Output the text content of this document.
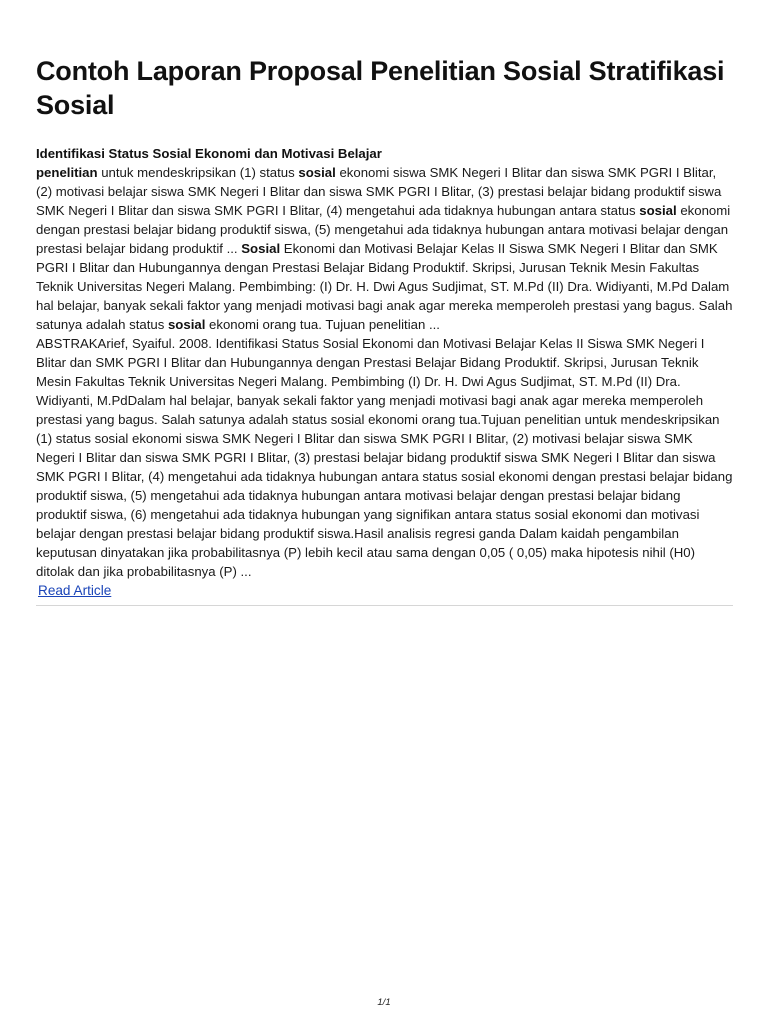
Contoh Laporan Proposal Penelitian Sosial Stratifikasi Sosial
Identifikasi Status Sosial Ekonomi dan Motivasi Belajar

penelitian untuk mendeskripsikan (1) status sosial ekonomi siswa SMK Negeri I Blitar dan siswa SMK PGRI I Blitar, (2) motivasi belajar siswa SMK Negeri I Blitar dan siswa SMK PGRI I Blitar, (3) prestasi belajar bidang produktif siswa SMK Negeri I Blitar dan siswa SMK PGRI I Blitar, (4) mengetahui ada tidaknya hubungan antara status sosial ekonomi dengan prestasi belajar bidang produktif siswa, (5) mengetahui ada tidaknya hubungan antara motivasi belajar dengan prestasi belajar bidang produktif ... Sosial Ekonomi dan Motivasi Belajar Kelas II Siswa SMK Negeri I Blitar dan SMK PGRI I Blitar dan Hubungannya dengan Prestasi Belajar Bidang Produktif. Skripsi, Jurusan Teknik Mesin Fakultas Teknik Universitas Negeri Malang. Pembimbing: (I) Dr. H. Dwi Agus Sudjimat, ST. M.Pd (II) Dra. Widiyanti, M.Pd Dalam hal belajar, banyak sekali faktor yang menjadi motivasi bagi anak agar mereka memperoleh prestasi yang bagus. Salah satunya adalah status sosial ekonomi orang tua. Tujuan penelitian ...

ABSTRAKArief, Syaiful. 2008. Identifikasi Status Sosial Ekonomi dan Motivasi Belajar Kelas II Siswa SMK Negeri I Blitar dan SMK PGRI I Blitar dan Hubungannya dengan Prestasi Belajar Bidang Produktif. Skripsi, Jurusan Teknik Mesin Fakultas Teknik Universitas Negeri Malang. Pembimbing (I) Dr. H. Dwi Agus Sudjimat, ST. M.Pd (II) Dra. Widiyanti, M.PdDalam hal belajar, banyak sekali faktor yang menjadi motivasi bagi anak agar mereka memperoleh prestasi yang bagus. Salah satunya adalah status sosial ekonomi orang tua.Tujuan penelitian untuk mendeskripsikan (1) status sosial ekonomi siswa SMK Negeri I Blitar dan siswa SMK PGRI I Blitar, (2) motivasi belajar siswa SMK Negeri I Blitar dan siswa SMK PGRI I Blitar, (3) prestasi belajar bidang produktif siswa SMK Negeri I Blitar dan siswa SMK PGRI I Blitar, (4) mengetahui ada tidaknya hubungan antara status sosial ekonomi dengan prestasi belajar bidang produktif siswa, (5) mengetahui ada tidaknya hubungan antara motivasi belajar dengan prestasi belajar bidang produktif siswa, (6) mengetahui ada tidaknya hubungan yang signifikan antara status sosial ekonomi dan motivasi belajar dengan prestasi belajar bidang produktif siswa.Hasil analisis regresi ganda Dalam kaidah pengambilan keputusan dinyatakan jika probabilitasnya (P) lebih kecil atau sama dengan 0,05 ( 0,05) maka hipotesis nihil (H0) ditolak dan jika probabilitasnya (P) ...

Read Article
1/1
